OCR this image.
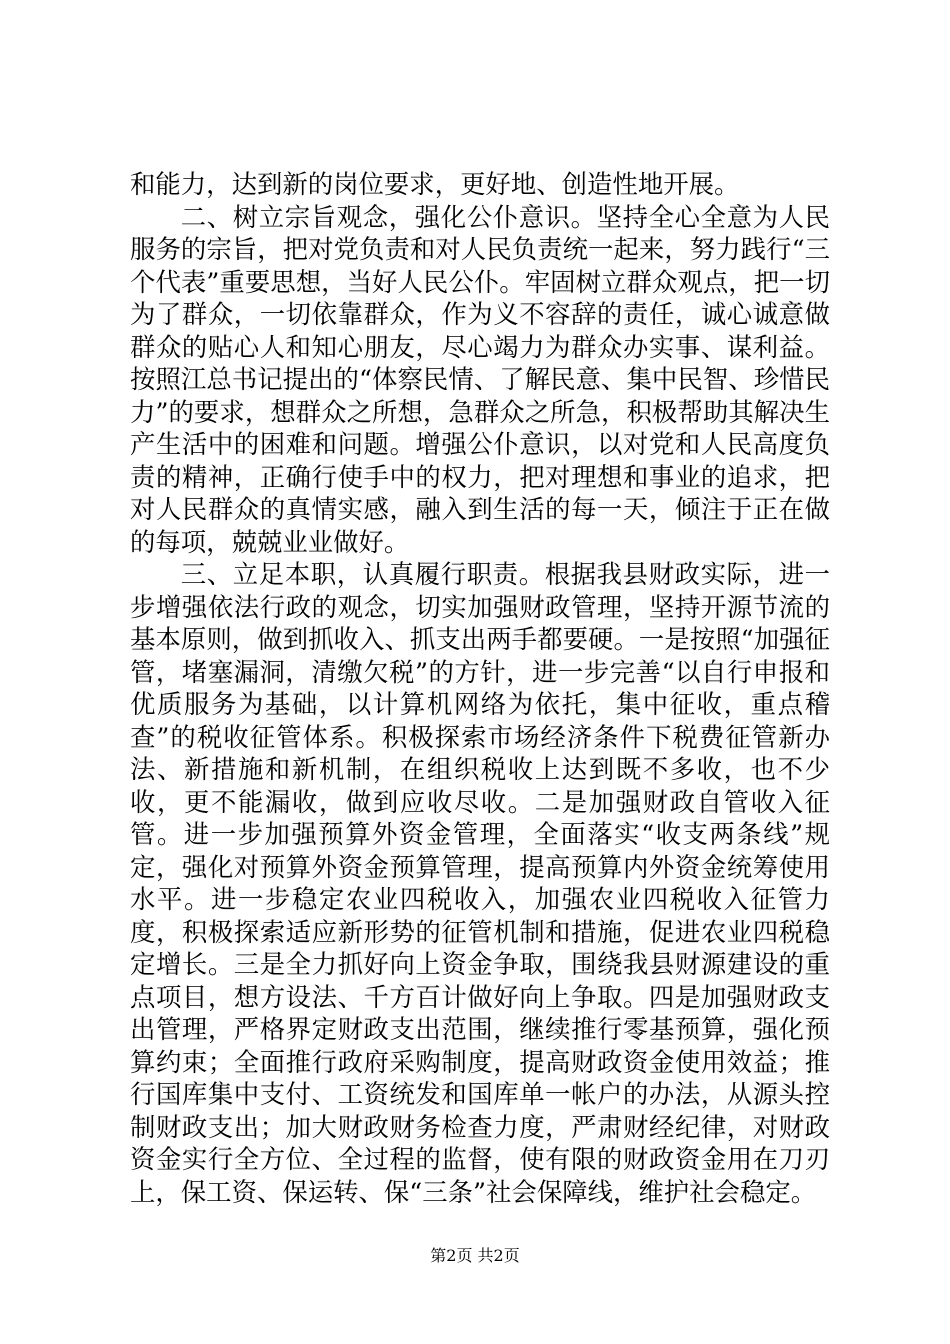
和能力，达到新的岗位要求，更好地、创造性地开展。

二、树立宗旨观念，强化公仆意识。坚持全心全意为人民服务的宗旨，把对党负责和对人民负责统一起来，努力践行“三个代表”重要思想，当好人民公仆。牢固树立群众观点，把一切为了群众，一切依靠群众，作为义不容辞的责任，诚心诚意做群众的贴心人和知心朋友，尽心竭力为群众办实事、谋利益。按照江总书记提出的“体察民情、了解民意、集中民智、珍惜民力”的要求，想群众之所想，急群众之所急，积极帮助其解决生产生活中的困难和问题。增强公仆意识，以对党和人民高度负责的精神，正确行使手中的权力，把对理想和事业的追求，把对人民群众的真情实感，融入到生活的每一天，倾注于正在做的每项，兢兢业业做好。

三、立足本职，认真履行职责。根据我县财政实际，进一步增强依法行政的观念，切实加强财政管理，坚持开源节流的基本原则，做到抓收入、抓支出两手都要硬。一是按照“加强征管，堵塞漏洞，清缴欠税”的方针，进一步完善“以自行申报和优质服务为基础，以计算机网络为依托，集中征收，重点稽查”的税收征管体系。积极探索市场经济条件下税费征管新办法、新措施和新机制，在组织税收上达到既不多收，也不少收，更不能漏收，做到应收尽收。二是加强财政自管收入征管。进一步加强预算外资金管理，全面落实“收支两条线”规定，强化对预算外资金预算管理，提高预算内外资金统筹使用水平。进一步稳定农业四税收入，加强农业四税收入征管力度，积极探索适应新形势的征管机制和措施，促进农业四税稳定增长。三是全力抓好向上资金争取，围绕我县财源建设的重点项目，想方设法、千方百计做好向上争取。四是加强财政支出管理，严格界定财政支出范围，继续推行零基预算，强化预算约束；全面推行政府采购制度，提高财政资金使用效益；推行国库集中支付、工资统发和国库单一帐户的办法，从源头控制财政支出；加大财政财务检查力度，严肃财经纪律，对财政资金实行全方位、全过程的监督，使有限的财政资金用在刀刃上，保工资、保运转、保“三条”社会保障线，维护社会稳定。

第2页 共2页
